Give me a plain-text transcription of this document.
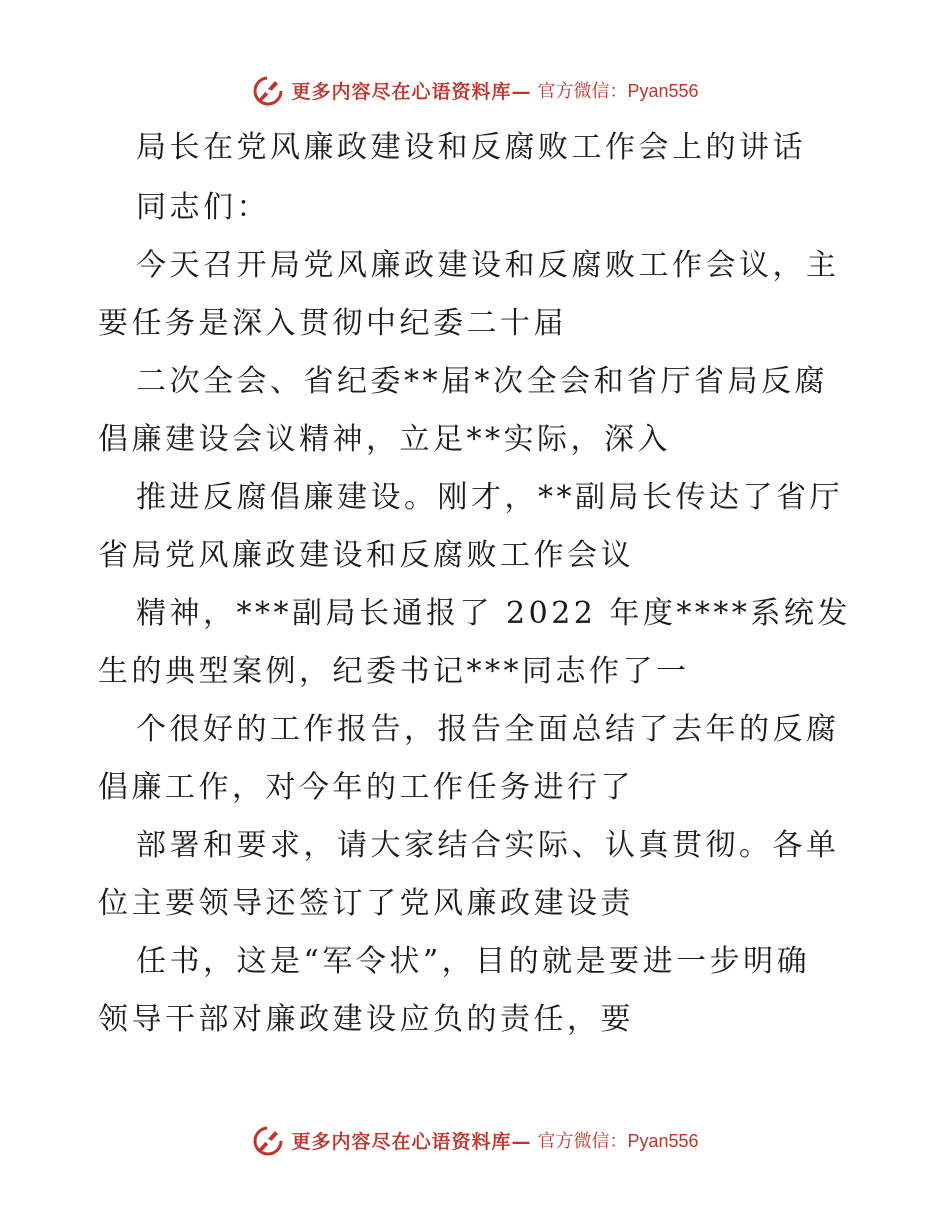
更多内容尽在心语资料库— 官方微信：Pyan556
局长在党风廉政建设和反腐败工作会上的讲话
同志们：
今天召开局党风廉政建设和反腐败工作会议，主
要任务是深入贯彻中纪委二十届
二次全会、省纪委**届*次全会和省厅省局反腐
倡廉建设会议精神，立足**实际，深入
推进反腐倡廉建设。刚才，**副局长传达了省厅
省局党风廉政建设和反腐败工作会议
精神，***副局长通报了 2022 年度****系统发
生的典型案例，纪委书记***同志作了一
个很好的工作报告，报告全面总结了去年的反腐
倡廉工作，对今年的工作任务进行了
部署和要求，请大家结合实际、认真贯彻。各单
位主要领导还签订了党风廉政建设责
任书，这是“军令状”，目的就是要进一步明确
领导干部对廉政建设应负的责任，要
更多内容尽在心语资料库— 官方微信：Pyan556
